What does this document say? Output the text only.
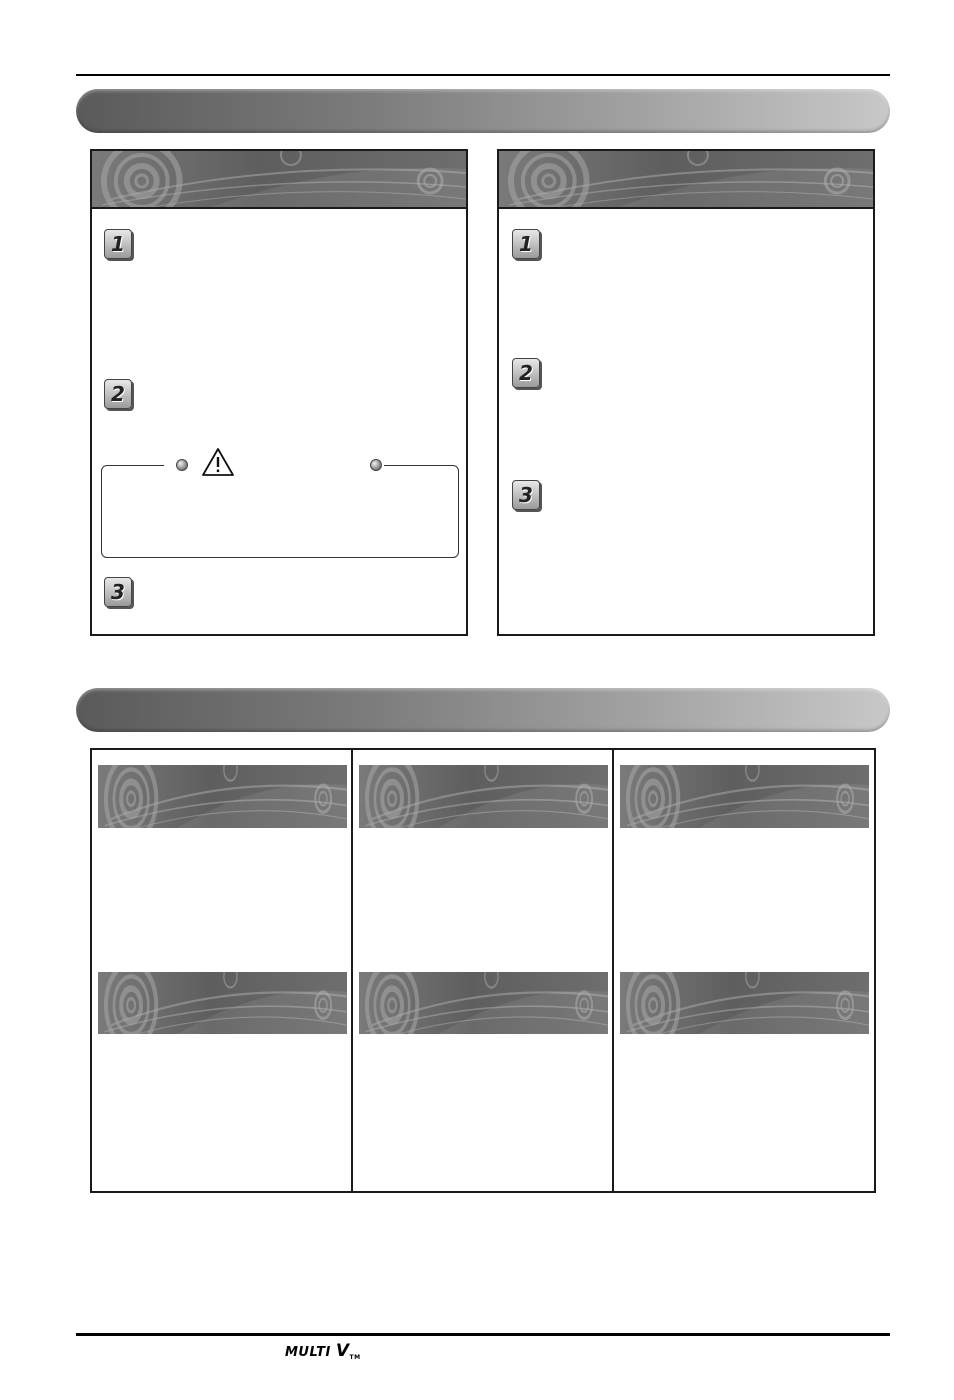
1
2
3
1
2
3
MULTI VTM
